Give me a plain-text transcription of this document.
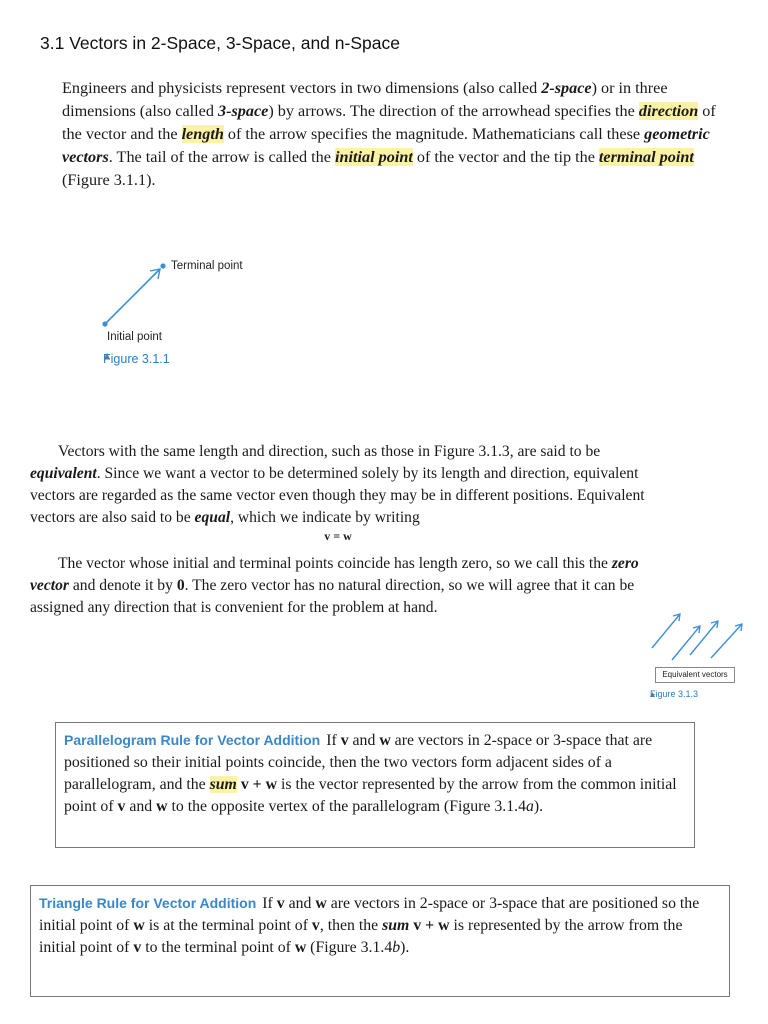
3.1 Vectors in 2-Space, 3-Space, and n-Space

Engineers and physicists represent vectors in two dimensions (also called 2-space) or in three dimensions (also called 3-space) by arrows. The direction of the arrowhead specifies the direction of the vector and the length of the arrow specifies the magnitude. Mathematicians call these geometric vectors. The tail of the arrow is called the initial point of the vector and the tip the terminal point (Figure 3.1.1).

Terminal point
Initial point
Figure 3.1.1

Vectors with the same length and direction, such as those in Figure 3.1.3, are said to be equivalent. Since we want a vector to be determined solely by its length and direction, equivalent vectors are regarded as the same vector even though they may be in different positions. Equivalent vectors are also said to be equal, which we indicate by writing

v = w

The vector whose initial and terminal points coincide has length zero, so we call this the zero vector and denote it by 0. The zero vector has no natural direction, so we will agree that it can be assigned any direction that is convenient for the problem at hand.

Equivalent vectors
Figure 3.1.3
Parallelogram Rule for Vector Addition If v and w are vectors in 2-space or 3-space that are positioned so their initial points coincide, then the two vectors form adjacent sides of a parallelogram, and the sum v + w is the vector represented by the arrow from the common initial point of v and w to the opposite vertex of the parallelogram (Figure 3.1.4a).
Triangle Rule for Vector Addition If v and w are vectors in 2-space or 3-space that are positioned so the initial point of w is at the terminal point of v, then the sum v + w is represented by the arrow from the initial point of v to the terminal point of w (Figure 3.1.4b).
